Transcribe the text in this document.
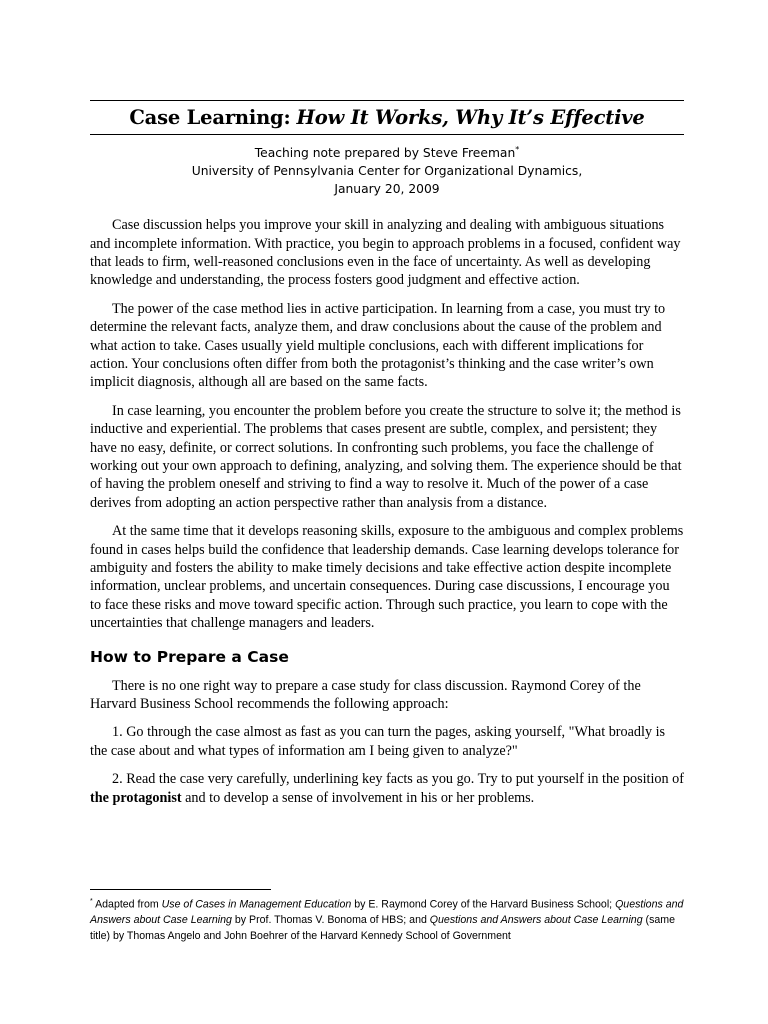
Case Learning: How It Works, Why It’s Effective
Teaching note prepared by Steve Freeman*
University of Pennsylvania Center for Organizational Dynamics,
January 20, 2009

Case discussion helps you improve your skill in analyzing and dealing with ambiguous situations and incomplete information. With practice, you begin to approach problems in a focused, confident way that leads to firm, well-reasoned conclusions even in the face of uncertainty. As well as developing knowledge and understanding, the process fosters good judgment and effective action.

The power of the case method lies in active participation. In learning from a case, you must try to determine the relevant facts, analyze them, and draw conclusions about the cause of the problem and what action to take. Cases usually yield multiple conclusions, each with different implications for action. Your conclusions often differ from both the protagonist’s thinking and the case writer’s own implicit diagnosis, although all are based on the same facts.

In case learning, you encounter the problem before you create the structure to solve it; the method is inductive and experiential. The problems that cases present are subtle, complex, and persistent; they have no easy, definite, or correct solutions. In confronting such problems, you face the challenge of working out your own approach to defining, analyzing, and solving them. The experience should be that of having the problem oneself and striving to find a way to resolve it. Much of the power of a case derives from adopting an action perspective rather than analysis from a distance.

At the same time that it develops reasoning skills, exposure to the ambiguous and complex problems found in cases helps build the confidence that leadership demands. Case learning develops tolerance for ambiguity and fosters the ability to make timely decisions and take effective action despite incomplete information, unclear problems, and uncertain consequences. During case discussions, I encourage you to face these risks and move toward specific action. Through such practice, you learn to cope with the uncertainties that challenge managers and leaders.

How to Prepare a Case

There is no one right way to prepare a case study for class discussion. Raymond Corey of the Harvard Business School recommends the following approach:

1. Go through the case almost as fast as you can turn the pages, asking yourself, "What broadly is the case about and what types of information am I being given to analyze?"

2. Read the case very carefully, underlining key facts as you go. Try to put yourself in the position of the protagonist and to develop a sense of involvement in his or her problems.

* Adapted from Use of Cases in Management Education by E. Raymond Corey of the Harvard Business School; Questions and Answers about Case Learning by Prof. Thomas V. Bonoma of HBS; and Questions and Answers about Case Learning (same title) by Thomas Angelo and John Boehrer of the Harvard Kennedy School of Government
